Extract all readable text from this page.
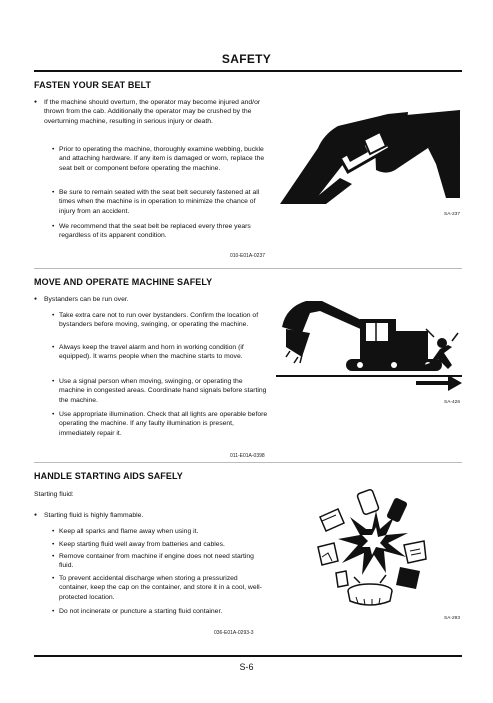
SAFETY
FASTEN YOUR SEAT BELT
● If the machine should overturn, the operator may become injured and/or thrown from the cab. Additionally the operator may be crushed by the overturning machine, resulting in serious injury or death.
• Prior to operating the machine, thoroughly examine webbing, buckle and attaching hardware. If any item is damaged or worn, replace the seat belt or component before operating the machine.
• Be sure to remain seated with the seat belt securely fastened at all times when the machine is in operation to minimize the chance of injury from an accident.
• We recommend that the seat belt be replaced every three years regardless of its apparent condition.
010-E01A-0237
SA-237
MOVE AND OPERATE MACHINE SAFELY
● Bystanders can be run over.
• Take extra care not to run over bystanders. Confirm the location of bystanders before moving, swinging, or operating the machine.
• Always keep the travel alarm and horn in working condition (if equipped). It warns people when the machine starts to move.
• Use a signal person when moving, swinging, or operating the machine in congested areas. Coordinate hand signals before starting the machine.
• Use appropriate illumination. Check that all lights are operable before operating the machine. If any faulty illumination is present, immediately repair it.
011-E01A-0398
SA-426
HANDLE STARTING AIDS SAFELY
Starting fluid:
● Starting fluid is highly flammable.
• Keep all sparks and flame away when using it.
• Keep starting fluid well away from batteries and cables.
• Remove container from machine if engine does not need starting fluid.
• To prevent accidental discharge when storing a pressurized container, keep the cap on the container, and store it in a cool, well-protected location.
• Do not incinerate or puncture a starting fluid container.
036-E01A-0293-3
SA-293
S-6
